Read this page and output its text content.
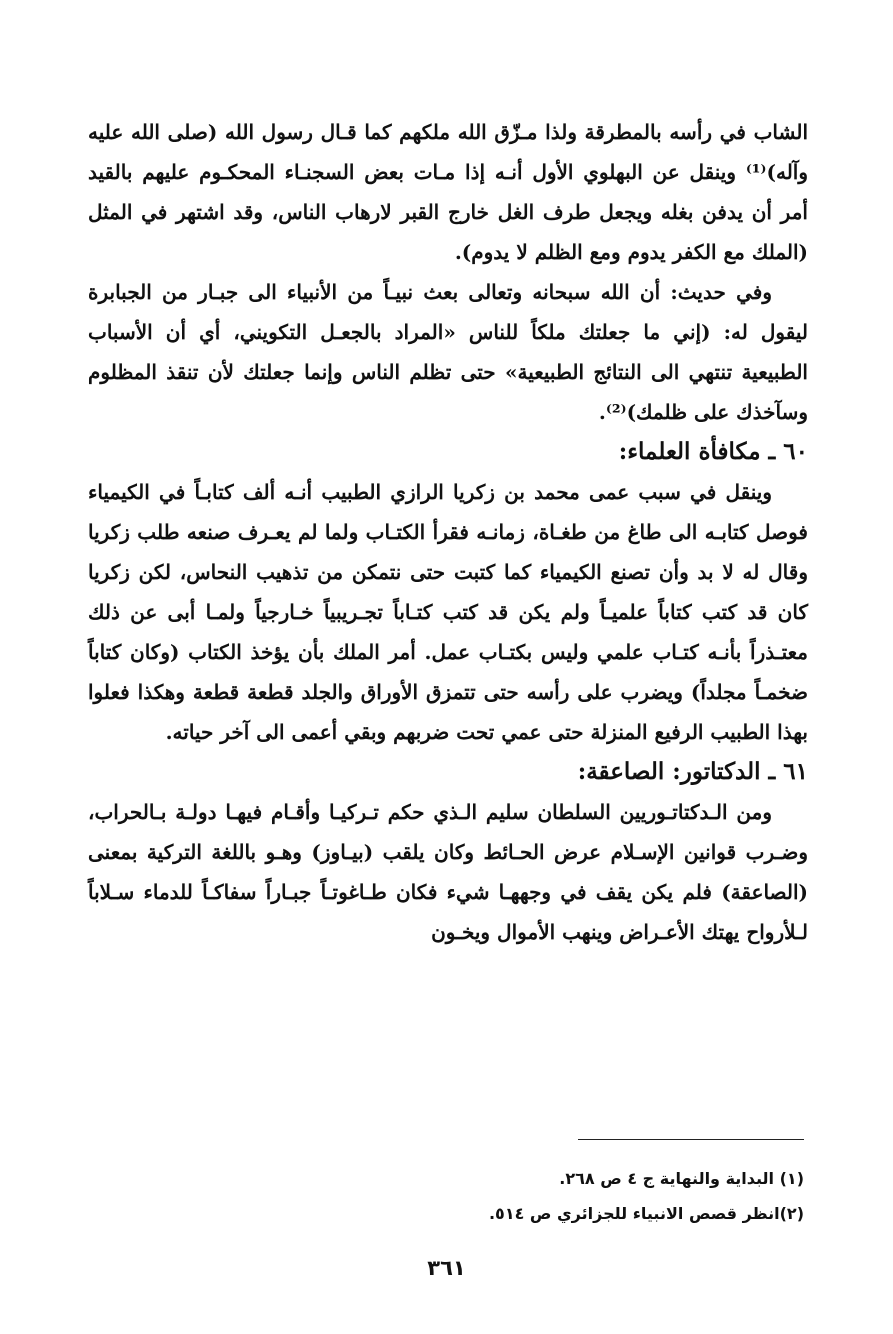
الشاب في رأسه بالمطرقة ولذا مـزّق الله ملكهم كما قـال رسول الله (صلى الله عليه وآله)⁽¹⁾ وينقل عن البهلوي الأول أنـه إذا مـات بعض السجنـاء المحكـوم عليهم بالقيد أمر أن يدفن بغله ويجعل طرف الغل خارج القبر لارهاب الناس، وقد اشتهر في المثل (الملك مع الكفر يدوم ومع الظلم لا يدوم).

وفي حديث: أن الله سبحانه وتعالى بعث نبيـاً من الأنبياء الى جبـار من الجبابرة ليقول له: (إني ما جعلتك ملكاً للناس «المراد بالجعـل التكويني، أي أن الأسباب الطبيعية تنتهي الى النتائج الطبيعية» حتى تظلم الناس وإنما جعلتك لأن تنقذ المظلوم وسآخذك على ظلمك)⁽²⁾.

٦٠ ـ مكافأة العلماء:

وينقل في سبب عمى محمد بن زكريا الرازي الطبيب أنـه ألف كتابـاً في الكيمياء فوصل كتابـه الى طاغ من طغـاة، زمانـه فقرأ الكتـاب ولما لم يعـرف صنعه طلب زكريا وقال له لا بد وأن تصنع الكيمياء كما كتبت حتى نتمكن من تذهيب النحاس، لكن زكريا كان قد كتب كتاباً علميـاً ولم يكن قد كتب كتـاباً تجـريبياً خـارجياً ولمـا أبى عن ذلك معتـذراً بأنـه كتـاب علمي وليس بكتـاب عمل. أمر الملك بأن يؤخذ الكتاب (وكان كتاباً ضخمـاً مجلداً) ويضرب على رأسه حتى تتمزق الأوراق والجلد قطعة قطعة وهكذا فعلوا بهذا الطبيب الرفيع المنزلة حتى عمي تحت ضربهم وبقي أعمى الى آخر حياته.

٦١ ـ الدكتاتور: الصاعقة:

ومن الـدكتاتـوريين السلطان سليم الـذي حكم تـركيـا وأقـام فيهـا دولـة بـالحراب، وضـرب قوانين الإسـلام عرض الحـائط وكان يلقب (بيـاوز) وهـو باللغة التركية بمعنى (الصاعقة) فلم يكن يقف في وجههـا شيء فكان طـاغوتـاً جبـاراً سفاكـاً للدماء سـلاباً لـلأرواح يهتك الأعـراض وينهب الأموال ويخـون

(١) البداية والنهاية ج ٤ ص ٢٦٨.

(٢)انظر قصص الانبياء للجزائري ص ٥١٤.

٣٦١
